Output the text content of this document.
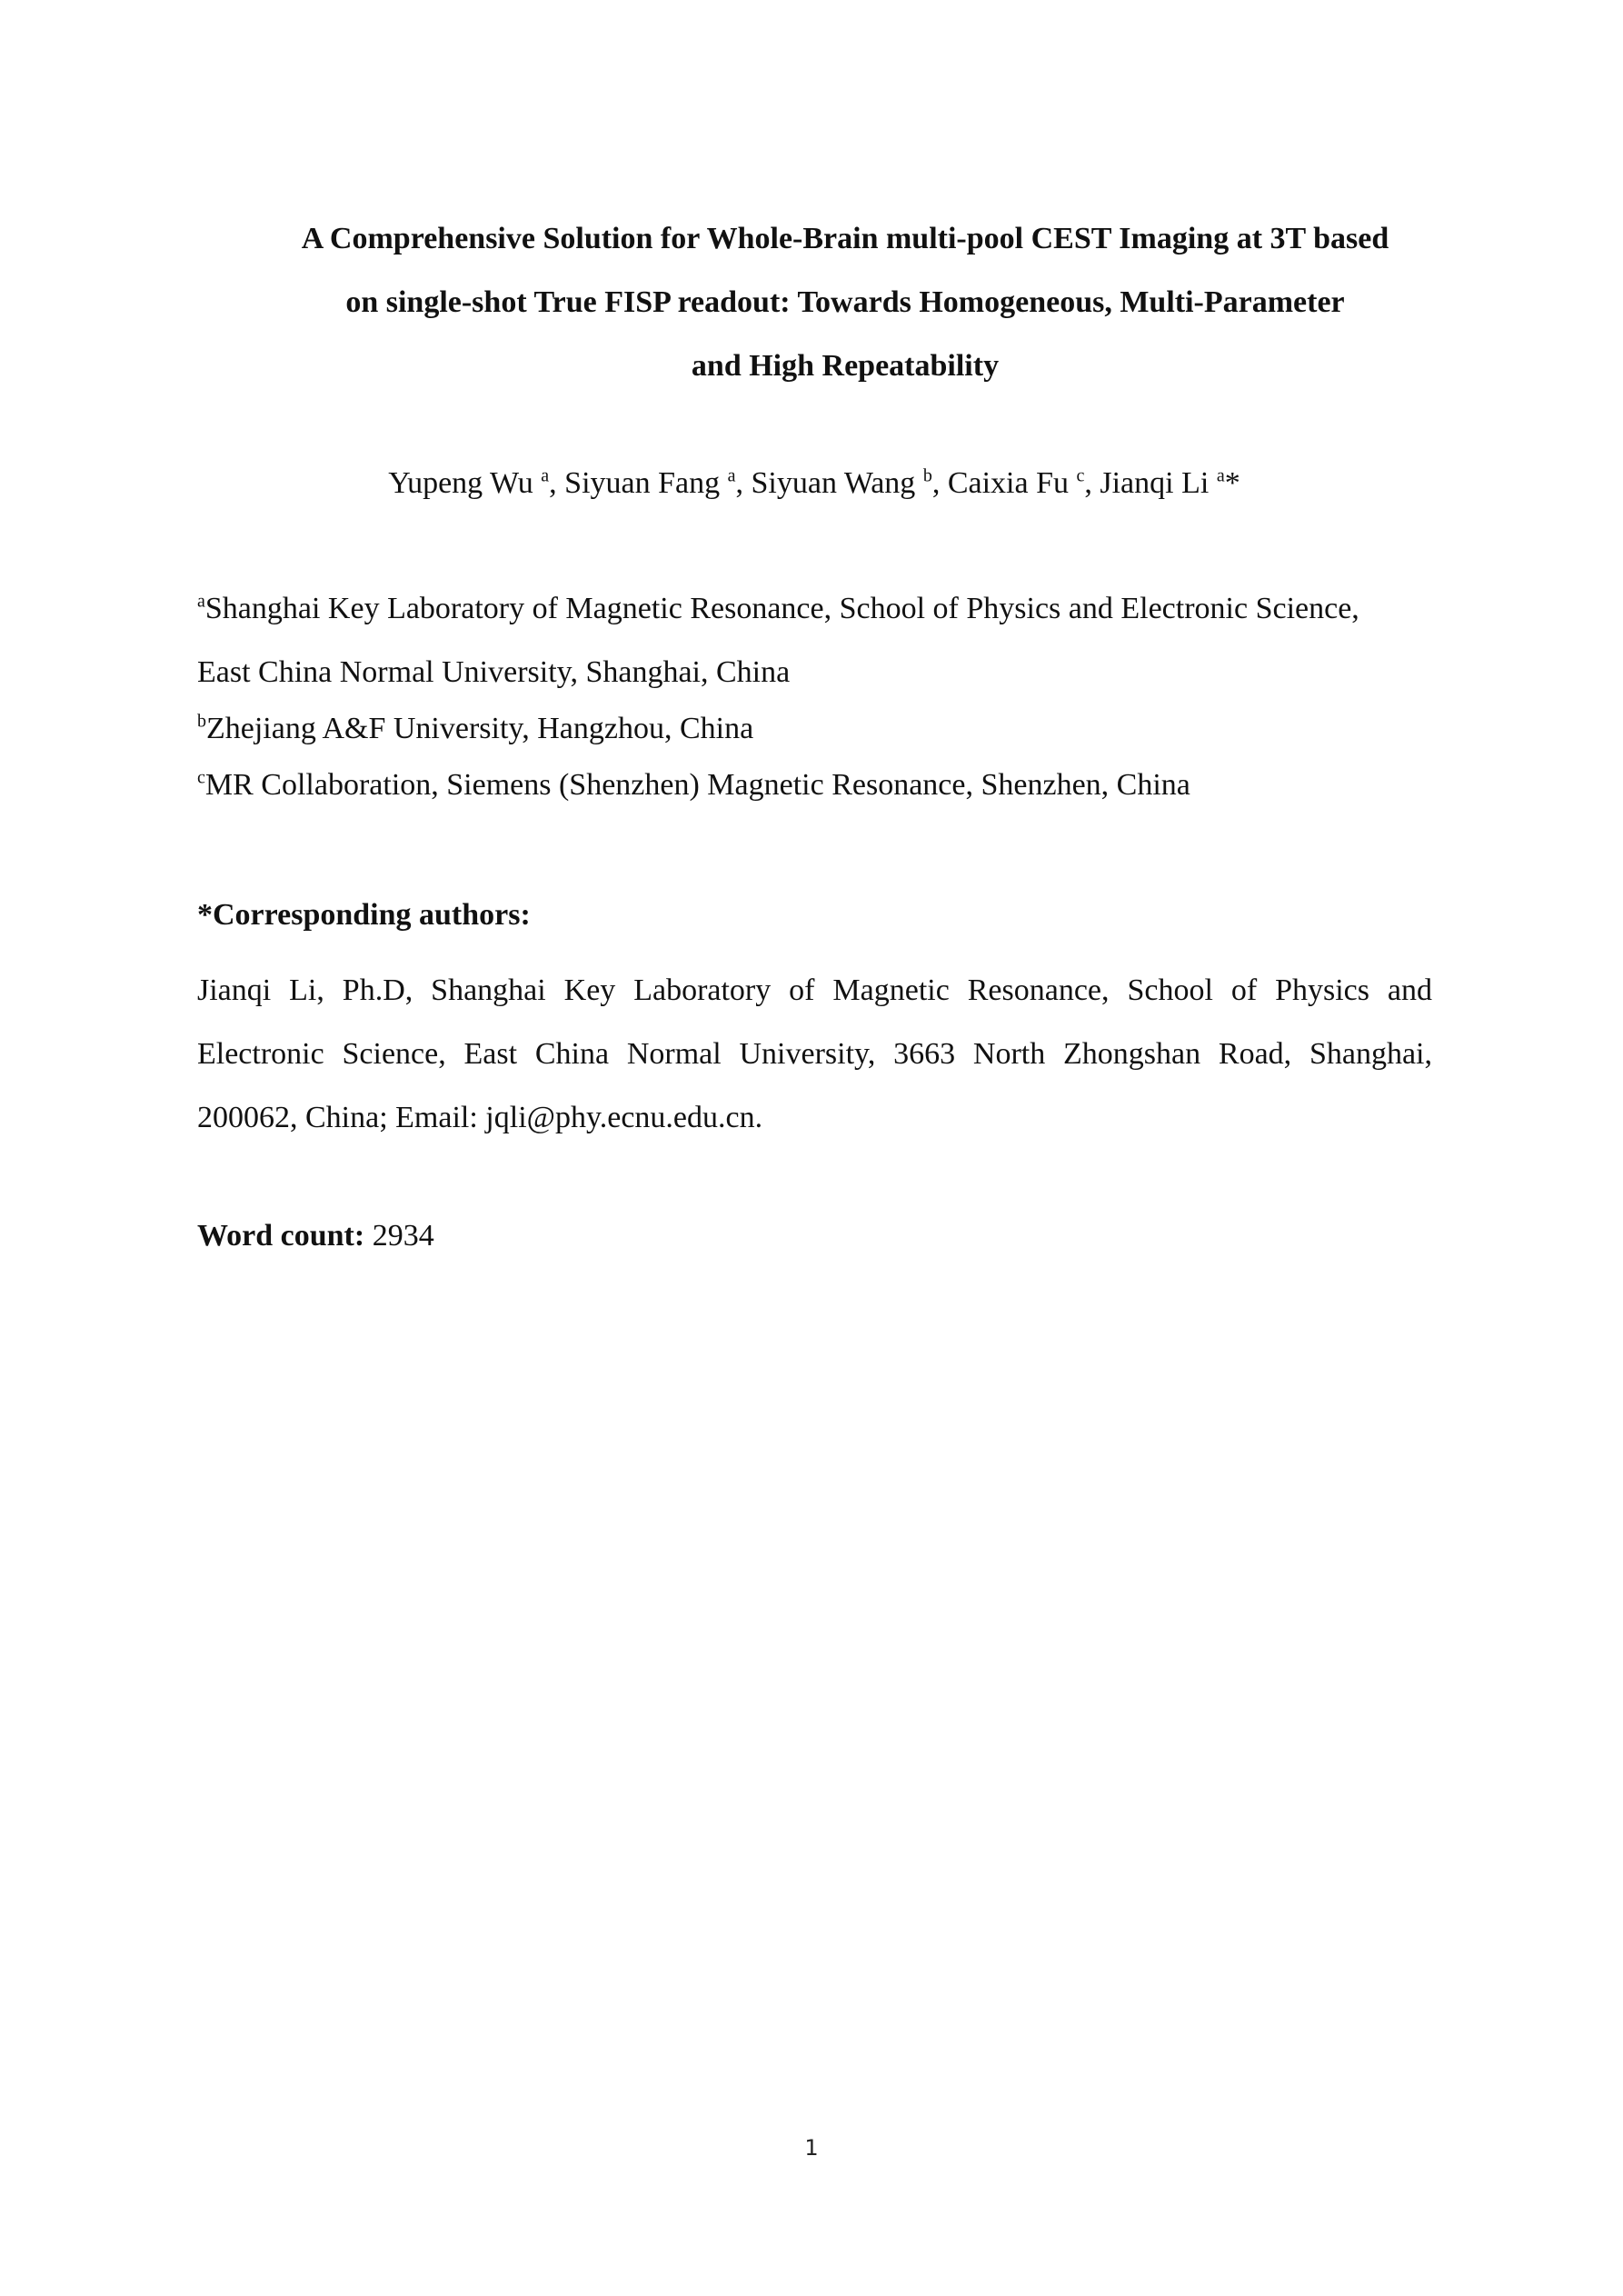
A Comprehensive Solution for Whole-Brain multi-pool CEST Imaging at 3T based
on single-shot True FISP readout: Towards Homogeneous, Multi-Parameter
and High Repeatability
Yupeng Wu $^a$, Siyuan Fang $^a$, Siyuan Wang $^b$, Caixia Fu $^c$, Jianqi Li $^a$*
$^a$Shanghai Key Laboratory of Magnetic Resonance, School of Physics and Electronic Science,
East China Normal University, Shanghai, China
$^b$Zhejiang A&F University, Hangzhou, China
$^c$MR Collaboration, Siemens (Shenzhen) Magnetic Resonance, Shenzhen, China
*Corresponding authors:
Jianqi Li, Ph.D, Shanghai Key Laboratory of Magnetic Resonance, School of Physics and
Electronic Science, East China Normal University, 3663 North Zhongshan Road, Shanghai,
200062, China; Email: jqli@phy.ecnu.edu.cn.
Word count: 2934
1
